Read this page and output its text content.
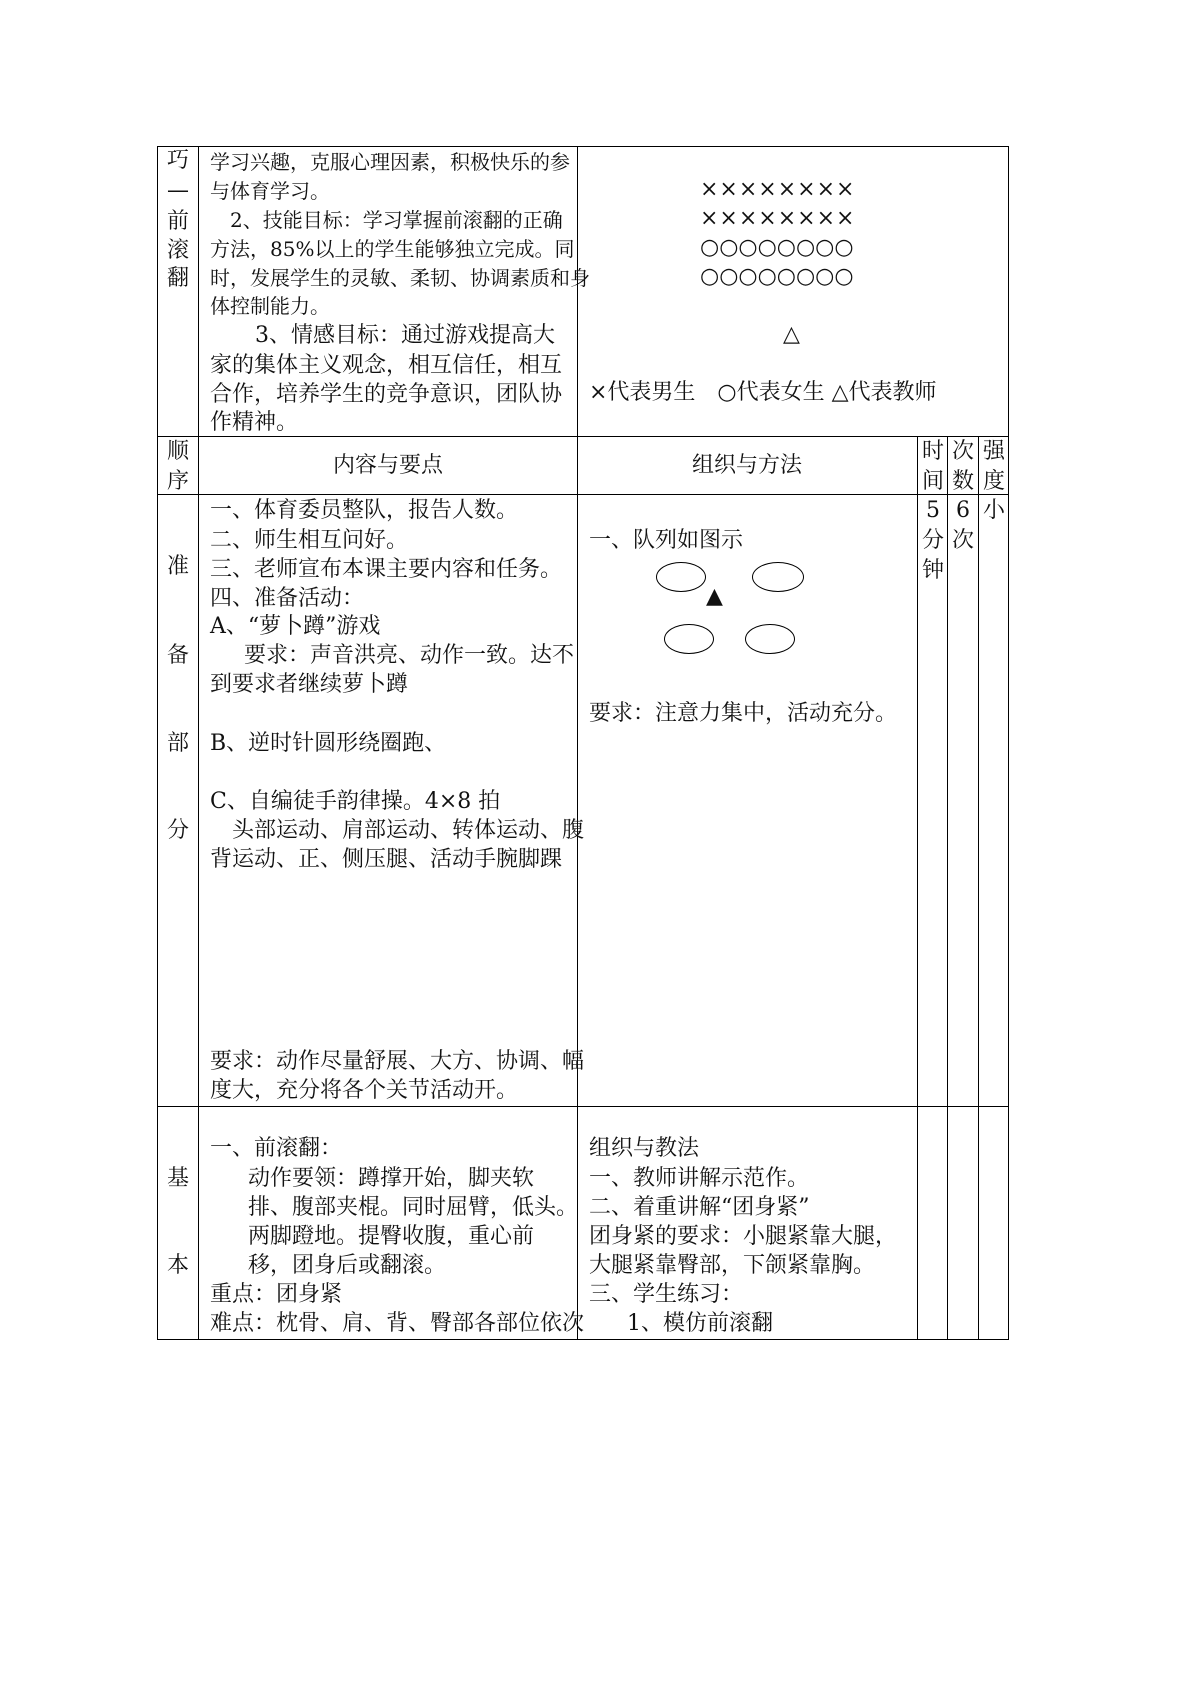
巧
—
前
滚
翻
学习兴趣，克服心理因素，积极快乐的参
与体育学习。
2、技能目标：学习掌握前滚翻的正确
方法，85%以上的学生能够独立完成。同
时，发展学生的灵敏、柔韧、协调素质和身
体控制能力。
3、情感目标：通过游戏提高大
家的集体主义观念，相互信任，相互
合作，培养学生的竞争意识，团队协
作精神。
××××××××
××××××××
○○○○○○○○
○○○○○○○○
△
×代表男生　○代表女生 △代表教师
顺
序
内容与要点	组织与方法
时
间
次
数
强
度
准
备
部
分
一、体育委员整队，报告人数。
二、师生相互问好。
三、老师宣布本课主要内容和任务。
四、准备活动：
A、“萝卜蹲”游戏
要求：声音洪亮、动作一致。达不
到要求者继续萝卜蹲
B、逆时针圆形绕圈跑、
C、自编徒手韵律操。4×8 拍
头部运动、肩部运动、转体运动、腹
背运动、正、侧压腿、活动手腕脚踝
要求：动作尽量舒展、大方、协调、幅
度大，充分将各个关节活动开。
一、队列如图示
▲
要求：注意力集中，活动充分。
5
分
钟
6
次
小
基
本
一、前滚翻：
动作要领：蹲撑开始，脚夹软
排、腹部夹棍。同时屈臂，低头。
两脚蹬地。提臀收腹，重心前
移，团身后或翻滚。
重点：团身紧
难点：枕骨、肩、背、臀部各部位依次
组织与教法
一、教师讲解示范作。
二、着重讲解“团身紧”
团身紧的要求：小腿紧靠大腿，
大腿紧靠臀部，下颌紧靠胸。
三、学生练习：
1、模仿前滚翻
